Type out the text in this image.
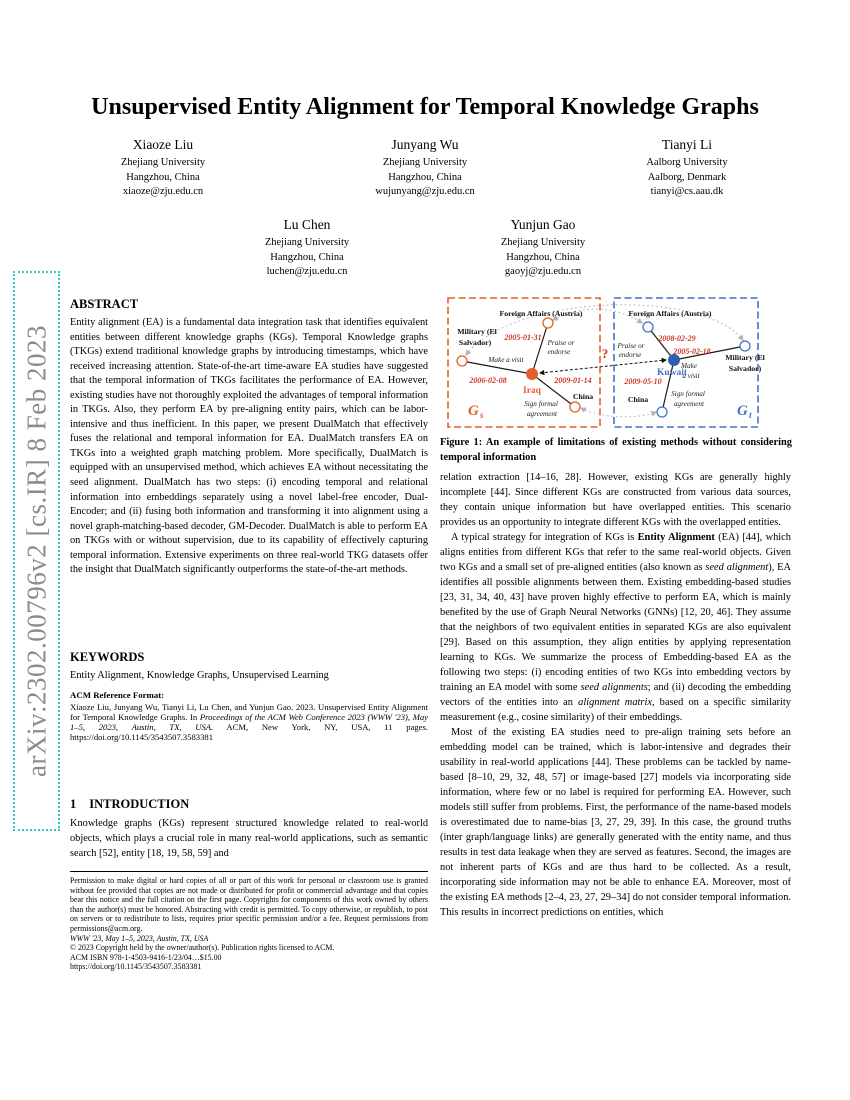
arXiv:2302.00796v2 [cs.IR] 8 Feb 2023
Unsupervised Entity Alignment for Temporal Knowledge Graphs
Xiaoze Liu
Zhejiang University
Hangzhou, China
xiaoze@zju.edu.cn
Junyang Wu
Zhejiang University
Hangzhou, China
wujunyang@zju.edu.cn
Tianyi Li
Aalborg University
Aalborg, Denmark
tianyi@cs.aau.dk
Lu Chen
Zhejiang University
Hangzhou, China
luchen@zju.edu.cn
Yunjun Gao
Zhejiang University
Hangzhou, China
gaoyj@zju.edu.cn
ABSTRACT

Entity alignment (EA) is a fundamental data integration task that identifies equivalent entities between different knowledge graphs (KGs). Temporal Knowledge graphs (TKGs) extend traditional knowledge graphs by introducing timestamps, which have received increasing attention. State-of-the-art time-aware EA studies have suggested that the temporal information of TKGs facilitates the performance of EA. However, existing studies have not thoroughly exploited the advantages of temporal information in TKGs. Also, they perform EA by pre-aligning entity pairs, which can be labor-intensive and thus inefficient. In this paper, we present DualMatch that effectively fuses the relational and temporal information for EA. DualMatch transfers EA on TKGs into a weighted graph matching problem. More specifically, DualMatch is equipped with an unsupervised method, which achieves EA without necessitating the seed alignment. DualMatch has two steps: (i) encoding temporal and relational information into embeddings separately using a novel label-free encoder, Dual-Encoder; and (ii) fusing both information and transforming it into alignment using a novel graph-matching-based decoder, GM-Decoder. DualMatch is able to perform EA on TKGs with or without supervision, due to its capability of effectively capturing temporal information. Extensive experiments on three real-world TKG datasets offer the insight that DualMatch significantly outperforms the state-of-the-art methods.

KEYWORDS

Entity Alignment, Knowledge Graphs, Unsupervised Learning

ACM Reference Format:

Xiaoze Liu, Junyang Wu, Tianyi Li, Lu Chen, and Yunjun Gao. 2023. Unsupervised Entity Alignment for Temporal Knowledge Graphs. In Proceedings of the ACM Web Conference 2023 (WWW '23), May 1–5, 2023, Austin, TX, USA. ACM, New York, NY, USA, 11 pages. https://doi.org/10.1145/3543507.3583381

1 INTRODUCTION

Knowledge graphs (KGs) represent structured knowledge related to real-world objects, which plays a crucial role in many real-world applications, such as semantic search [52], entity [18, 19, 58, 59] and

Permission to make digital or hard copies of all or part of this work for personal or classroom use is granted without fee provided that copies are not made or distributed for profit or commercial advantage and that copies bear this notice and the full citation on the first page. Copyrights for components of this work owned by others than the author(s) must be honored. Abstracting with credit is permitted. To copy otherwise, or republish, to post on servers or to redistribute to lists, requires prior specific permission and/or a fee. Request permissions from permissions@acm.org.

WWW '23, May 1–5, 2023, Austin, TX, USA

© 2023 Copyright held by the owner/author(s). Publication rights licensed to ACM.

ACM ISBN 978-1-4503-9416-1/23/04…$15.00

https://doi.org/10.1145/3543507.3583381

?
Foreign Affairs (Austria)
Military (El
Salvador)
Iraq
China
Make a visit
Praise or
endorse
Sign formal
agreement
2005-01-31
2006-02-08	2009-01-14
G s
Foreign Affairs (Austria)
Military (El
Salvador)
Kuwait
China
Praise or
endorse
Make
a visit
Sign formal
agreement
2008-02-29
2005-02-18
2009-05-10
G t

Figure 1: An example of limitations of existing methods without considering temporal information

relation extraction [14–16, 28]. However, existing KGs are generally highly incomplete [44]. Since different KGs are constructed from various data sources, they contain unique information but have overlapped entities. This scenario provides us an opportunity to integrate different KGs with the overlapped entities.

A typical strategy for integration of KGs is Entity Alignment (EA) [44], which aligns entities from different KGs that refer to the same real-world objects. Given two KGs and a small set of pre-aligned entities (also known as seed alignment), EA identifies all possible alignments between them. Existing embedding-based studies [23, 31, 34, 40, 43] have proven highly effective to perform EA, which is mainly benefited by the use of Graph Neural Networks (GNNs) [12, 20, 46]. They assume that the neighbors of two equivalent entities in separated KGs are also equivalent [29]. Based on this assumption, they align entities by applying representation learning to KGs. We summarize the process of Embedding-based EA as the following two steps: (i) encoding entities of two KGs into embedding vectors by training an EA model with some seed alignments; and (ii) decoding the embedding vectors of the entities into an alignment matrix, based on a specific similarity measurement (e.g., cosine similarity) of their embeddings.

Most of the existing EA studies need to pre-align training sets before an embedding model can be trained, which is labor-intensive and degrades their usability in real-world applications [44]. These problems can be tackled by name-based [8–10, 29, 32, 48, 57] or image-based [27] models via incorporating side information, where few or no label is required for performing EA. However, such models still suffer from problems. First, the performance of the name-based models is overestimated due to name-bias [3, 27, 29, 39]. In this case, the ground truths (inter graph/language links) are generally generated with the entity name, and thus results in test data leakage when they are served as features. Second, the images are not inherent parts of KGs and are thus hard to be collected. As a result, incorporating side information may not be able to enhance EA. Moreover, most of the existing EA methods [2–4, 23, 27, 29–34] do not consider temporal information. This results in incorrect predictions on entities, which
